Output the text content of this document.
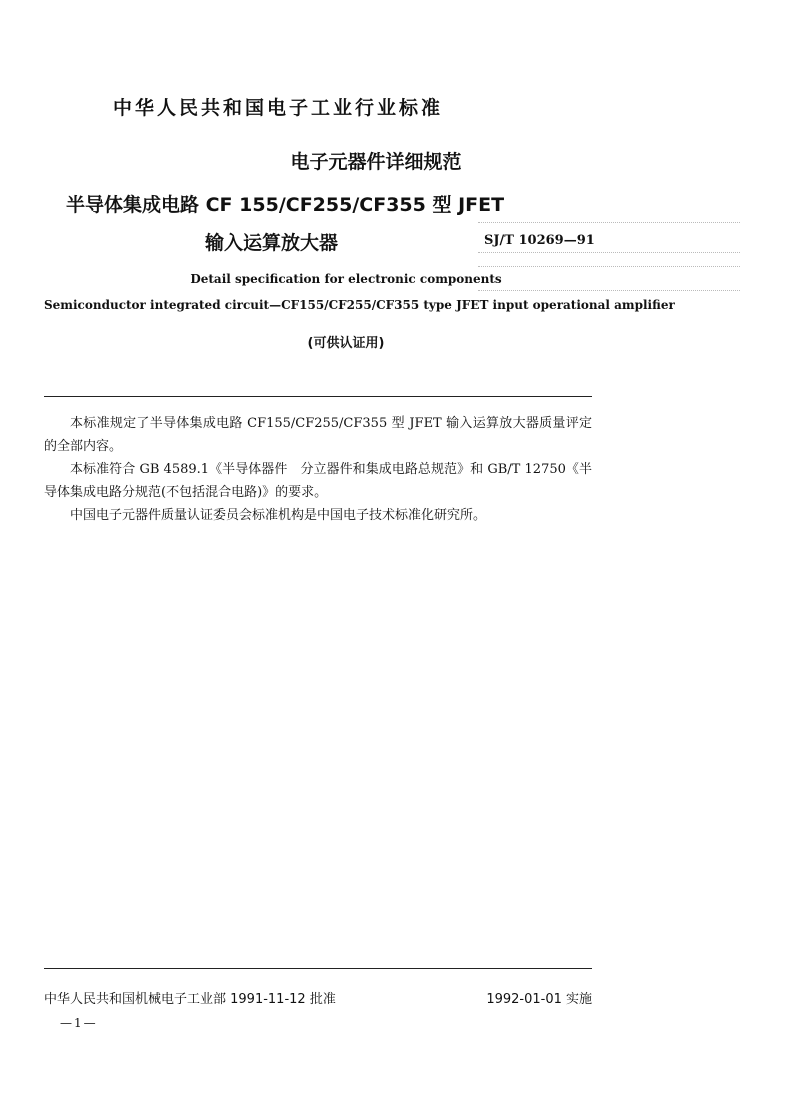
中华人民共和国电子工业行业标准
电子元器件详细规范
半导体集成电路 CF 155/CF255/CF355 型 JFET
输入运算放大器	SJ/T 10269—91
Detail specification for electronic components
Semiconductor integrated circuit—CF155/CF255/CF355 type JFET input operational amplifier
(可供认证用)

本标准规定了半导体集成电路 CF155/CF255/CF355 型 JFET 输入运算放大器质量评定的全部内容。

本标准符合 GB 4589.1《半导体器件　分立器件和集成电路总规范》和 GB/T 12750《半导体集成电路分规范(不包括混合电路)》的要求。

中国电子元器件质量认证委员会标准机构是中国电子技术标准化研究所。

中华人民共和国机械电子工业部 1991-11-12 批准	1992-01-01 实施
—1—
